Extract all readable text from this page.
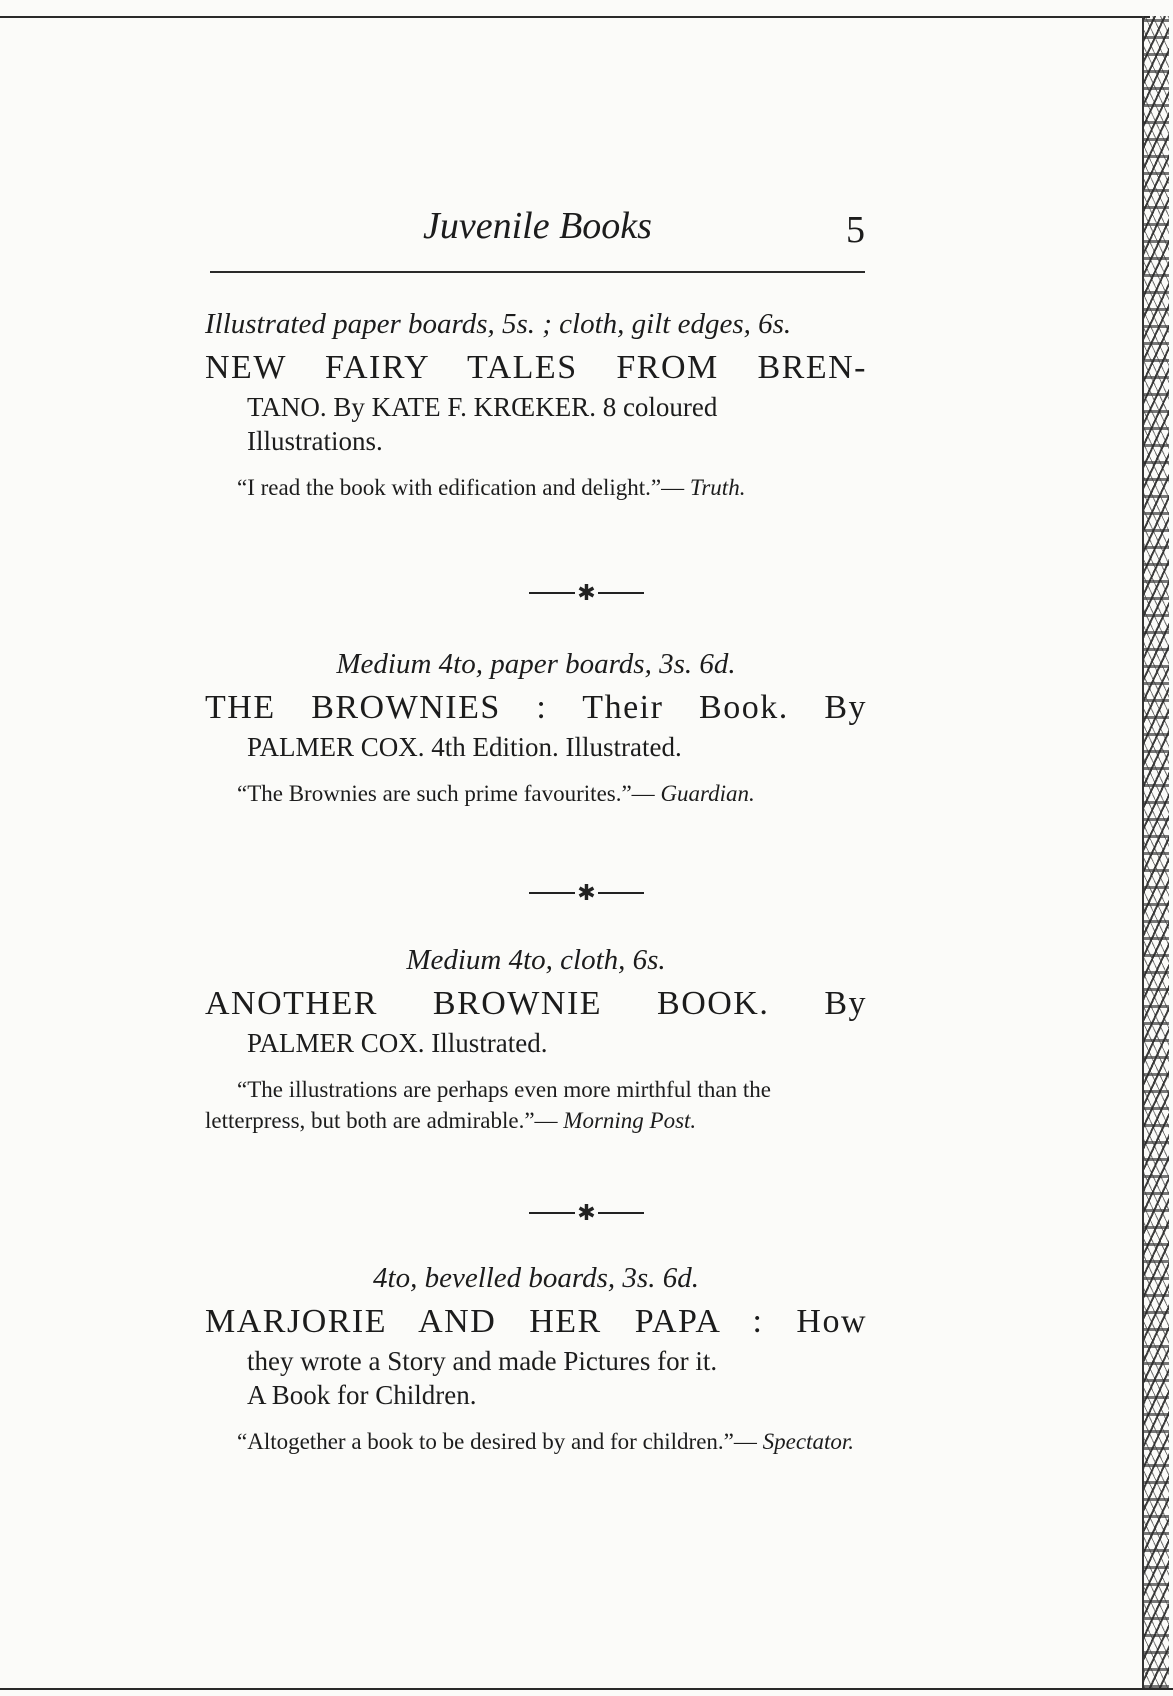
Juvenile Books	5
Illustrated paper boards, 5s. ; cloth, gilt edges, 6s.
NEW FAIRY TALES FROM BREN-
TANO. By KATE F. KRŒKER. 8 coloured
Illustrations.
“I read the book with edification and delight.”— Truth.
✱
Medium 4to, paper boards, 3s. 6d.
THE BROWNIES : Their Book. By
PALMER COX. 4th Edition. Illustrated.
“The Brownies are such prime favourites.”— Guardian.
✱
Medium 4to, cloth, 6s.
ANOTHER BROWNIE BOOK. By
PALMER COX. Illustrated.
“The illustrations are perhaps even more mirthful than the letterpress, but both are admirable.”— Morning Post.
✱
4to, bevelled boards, 3s. 6d.
MARJORIE AND HER PAPA : How
they wrote a Story and made Pictures for it.
A Book for Children.
“Altogether a book to be desired by and for children.”— Spectator.
